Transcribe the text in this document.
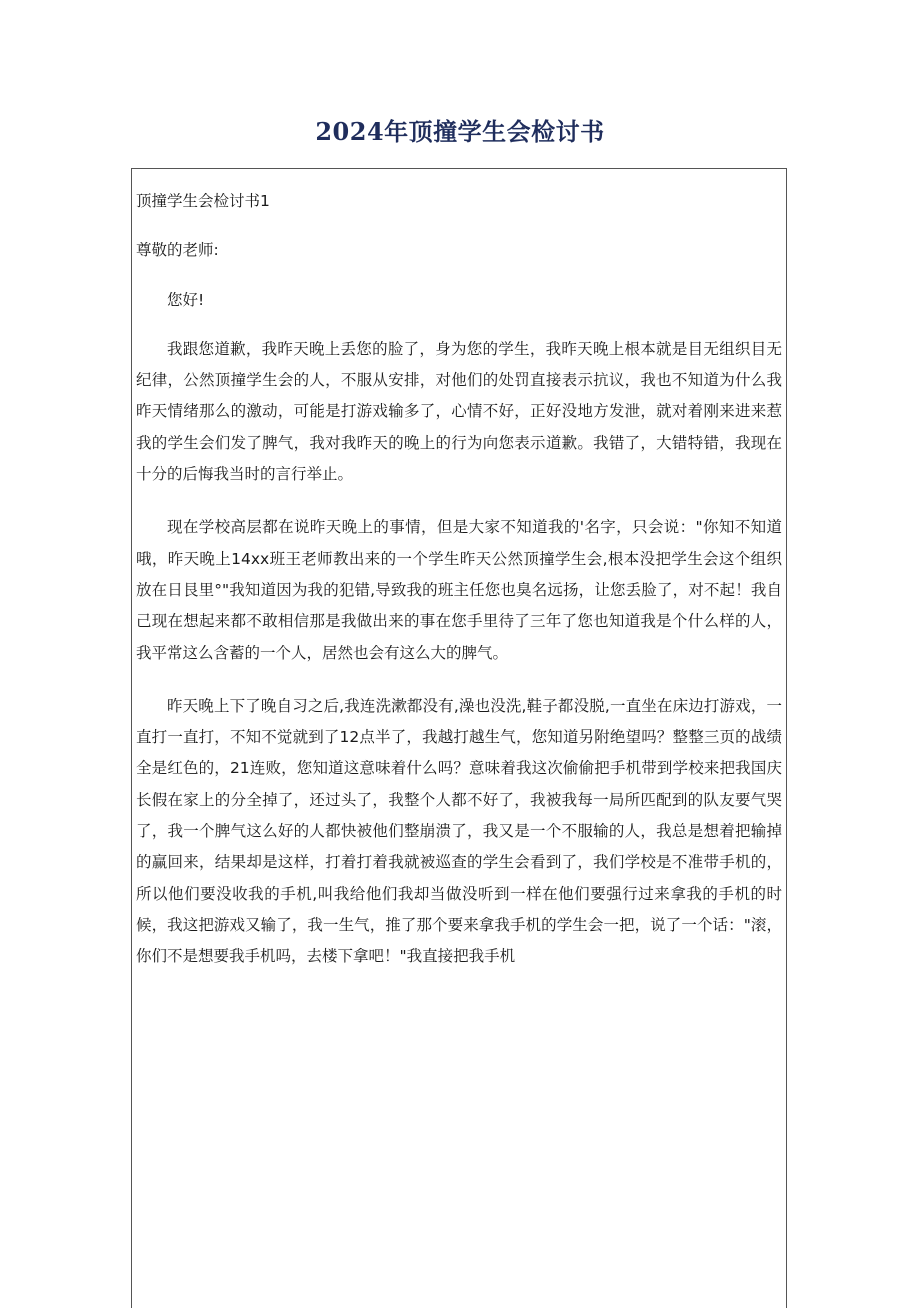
2024年顶撞学生会检讨书

顶撞学生会检讨书1

尊敬的老师:

您好!

我跟您道歉，我昨天晚上丢您的脸了，身为您的学生，我昨天晚上根本就是目无组织目无纪律，公然顶撞学生会的人，不服从安排，对他们的处罚直接表示抗议，我也不知道为什么我昨天情绪那么的激动，可能是打游戏输多了，心情不好，正好没地方发泄，就对着刚来进来惹我的学生会们发了脾气，我对我昨天的晚上的行为向您表示道歉。我错了，大错特错，我现在十分的后悔我当时的言行举止。

现在学校高层都在说昨天晚上的事情，但是大家不知道我的'名字，只会说："你知不知道哦，昨天晚上14xx班王老师教出来的一个学生昨天公然顶撞学生会,根本没把学生会这个组织放在日艮里°"我知道因为我的犯错,导致我的班主任您也臭名远扬，让您丢脸了，对不起！我自己现在想起来都不敢相信那是我做出来的事在您手里待了三年了您也知道我是个什么样的人，我平常这么含蓄的一个人，居然也会有这么大的脾气。

昨天晚上下了晚自习之后,我连洗漱都没有,澡也没洗,鞋子都没脱,一直坐在床边打游戏，一直打一直打，不知不觉就到了12点半了，我越打越生气，您知道另附绝望吗？整整三页的战绩全是红色的，21连败，您知道这意味着什么吗？意味着我这次偷偷把手机带到学校来把我国庆长假在家上的分全掉了，还过头了，我整个人都不好了，我被我每一局所匹配到的队友要气哭了，我一个脾气这么好的人都快被他们整崩溃了，我又是一个不服输的人，我总是想着把输掉的赢回来，结果却是这样，打着打着我就被巡查的学生会看到了，我们学校是不准带手机的，所以他们要没收我的手机,叫我给他们我却当做没听到一样在他们要强行过来拿我的手机的时候，我这把游戏又输了，我一生气，推了那个要来拿我手机的学生会一把，说了一个话："滚，你们不是想要我手机吗，去楼下拿吧！"我直接把我手机
